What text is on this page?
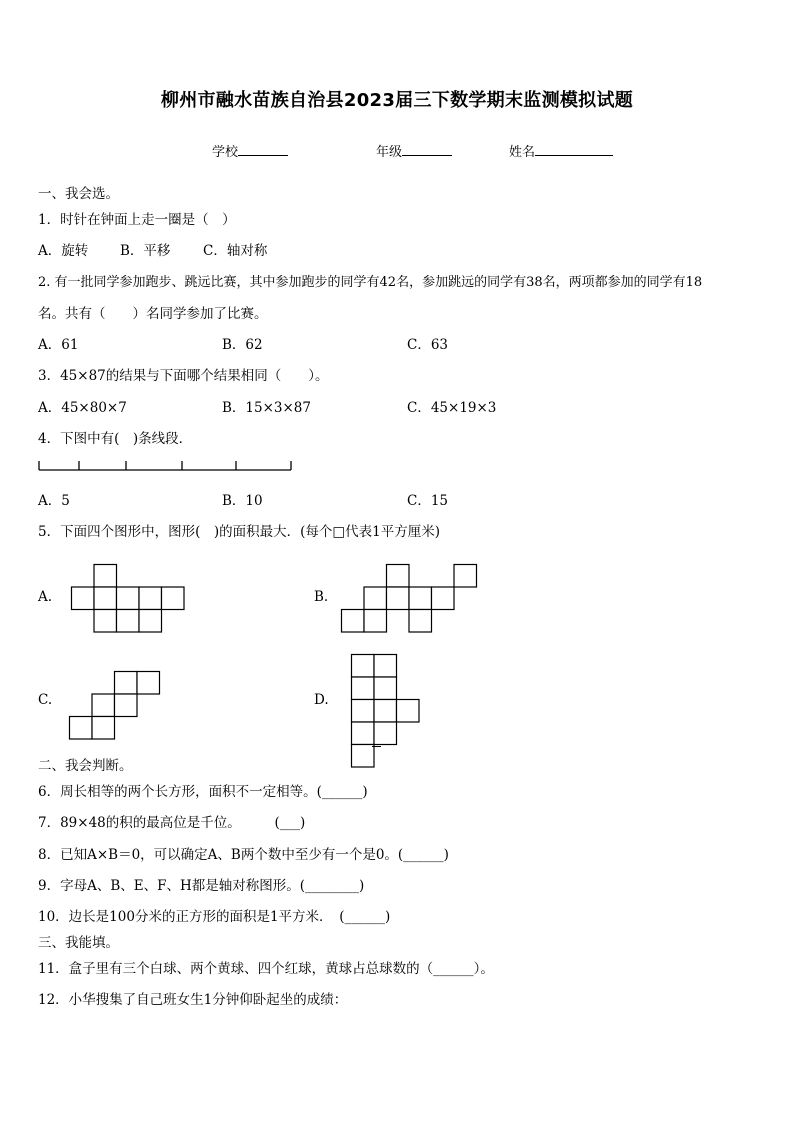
柳州市融水苗族自治县2023届三下数学期末监测模拟试题
学校	年级	姓名
一、我会选。
1．时针在钟面上走一圈是（　）
A．旋转 B．平移 C．轴对称
2. 有一批同学参加跑步、跳远比赛，其中参加跑步的同学有42名，参加跳远的同学有38名，两项都参加的同学有18
名。共有（　　）名同学参加了比赛。
A．61	B．62	C．63
3．45×87的结果与下面哪个结果相同（　　）。
A．45×80×7	B．15×3×87	C．45×19×3
4．下图中有(　)条线段．
A．5	B．10	C．15
5．下面四个图形中，图形(　)的面积最大．(每个□代表1平方厘米)
A.	B.
C.	D.
二、我会判断。
6．周长相等的两个长方形，面积不一定相等。(______)
7．89×48的积的最高位是千位。　　　(___)
8．已知A×B＝0，可以确定A、B两个数中至少有一个是0。(______)
9．字母A、B、E、F、H都是轴对称图形。(________)
10．边长是100分米的正方形的面积是1平方米．　(______)
三、我能填。
11．盒子里有三个白球、两个黄球、四个红球，黄球占总球数的（______）。
12．小华搜集了自己班女生1分钟仰卧起坐的成绩：
